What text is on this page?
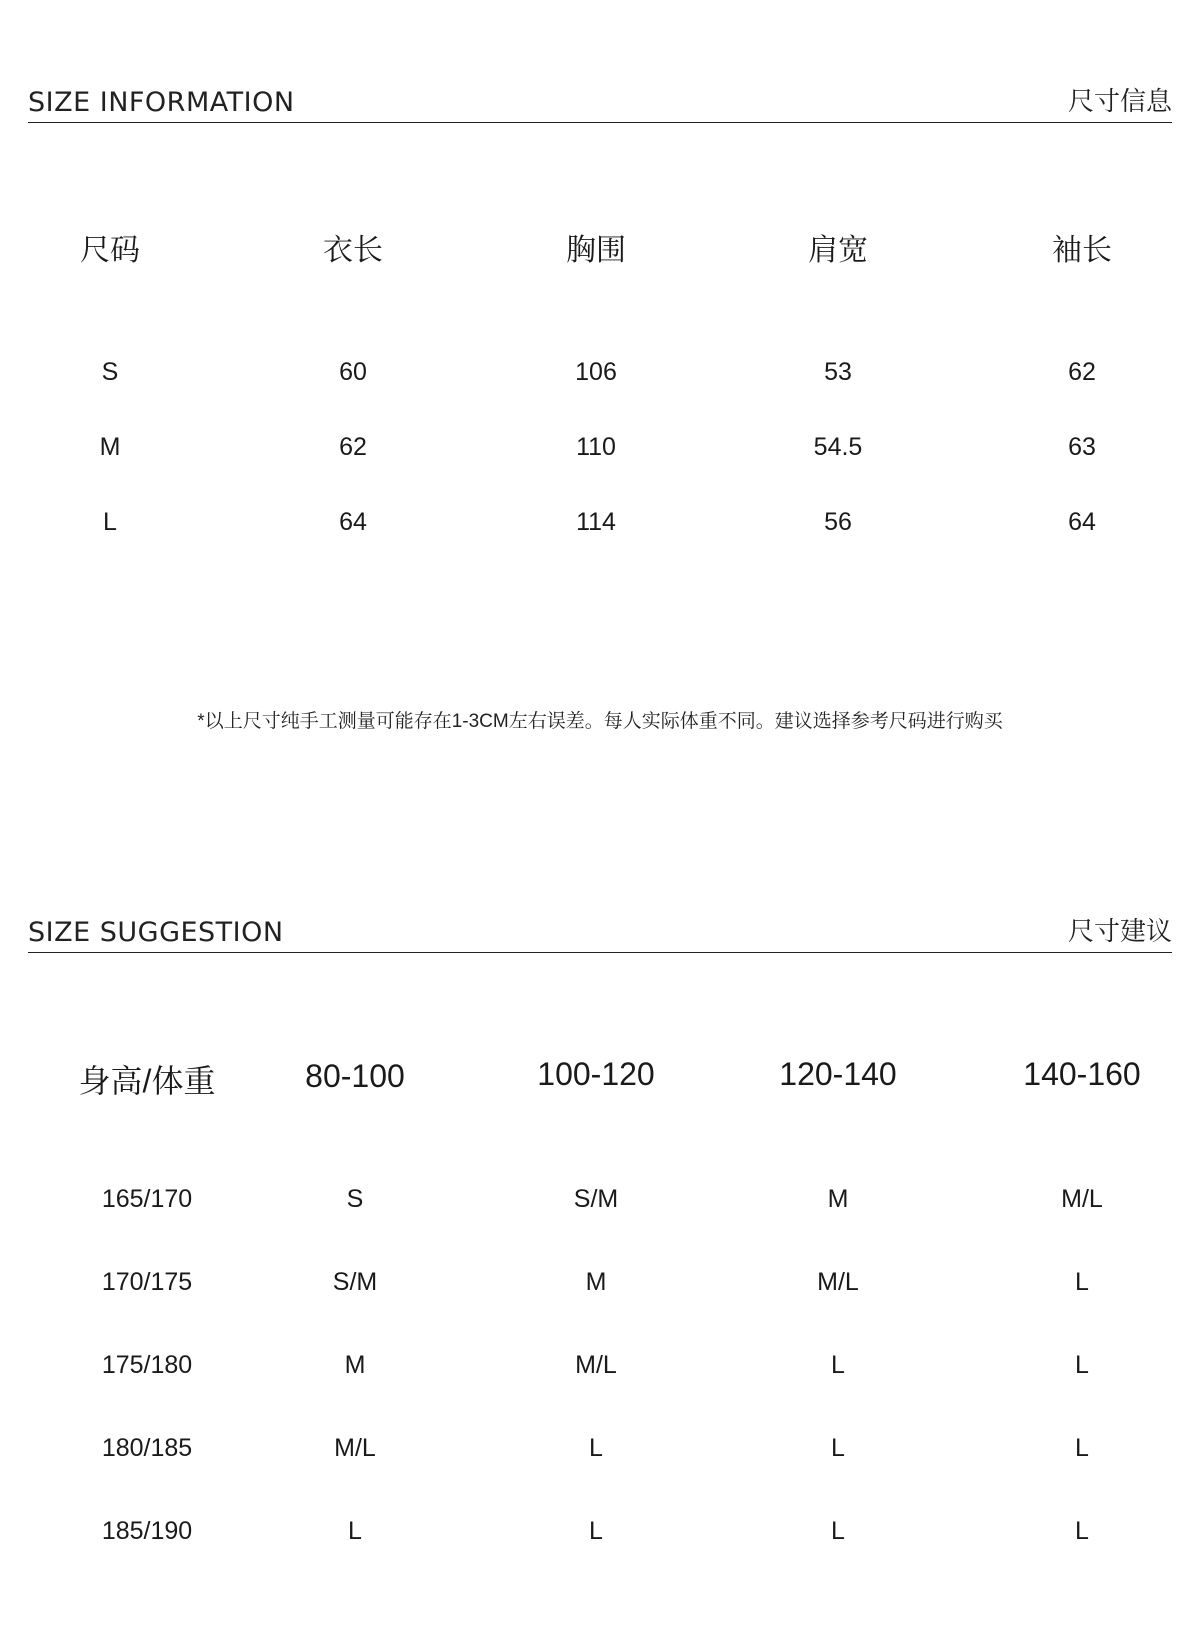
SIZE INFORMATION	尺寸信息
尺码	衣长	胸围	肩宽	袖长
S	60	106	53	62
M	62	110	54.5	63
L	64	114	56	64
*以上尺寸纯手工测量可能存在1-3CM左右误差。每人实际体重不同。建议选择参考尺码进行购买
SIZE SUGGESTION	尺寸建议
身高/体重	80-100	100-120	120-140	140-160
165/170	S	S/M	M	M/L
170/175	S/M	M	M/L	L
175/180	M	M/L	L	L
180/185	M/L	L	L	L
185/190	L	L	L	L
